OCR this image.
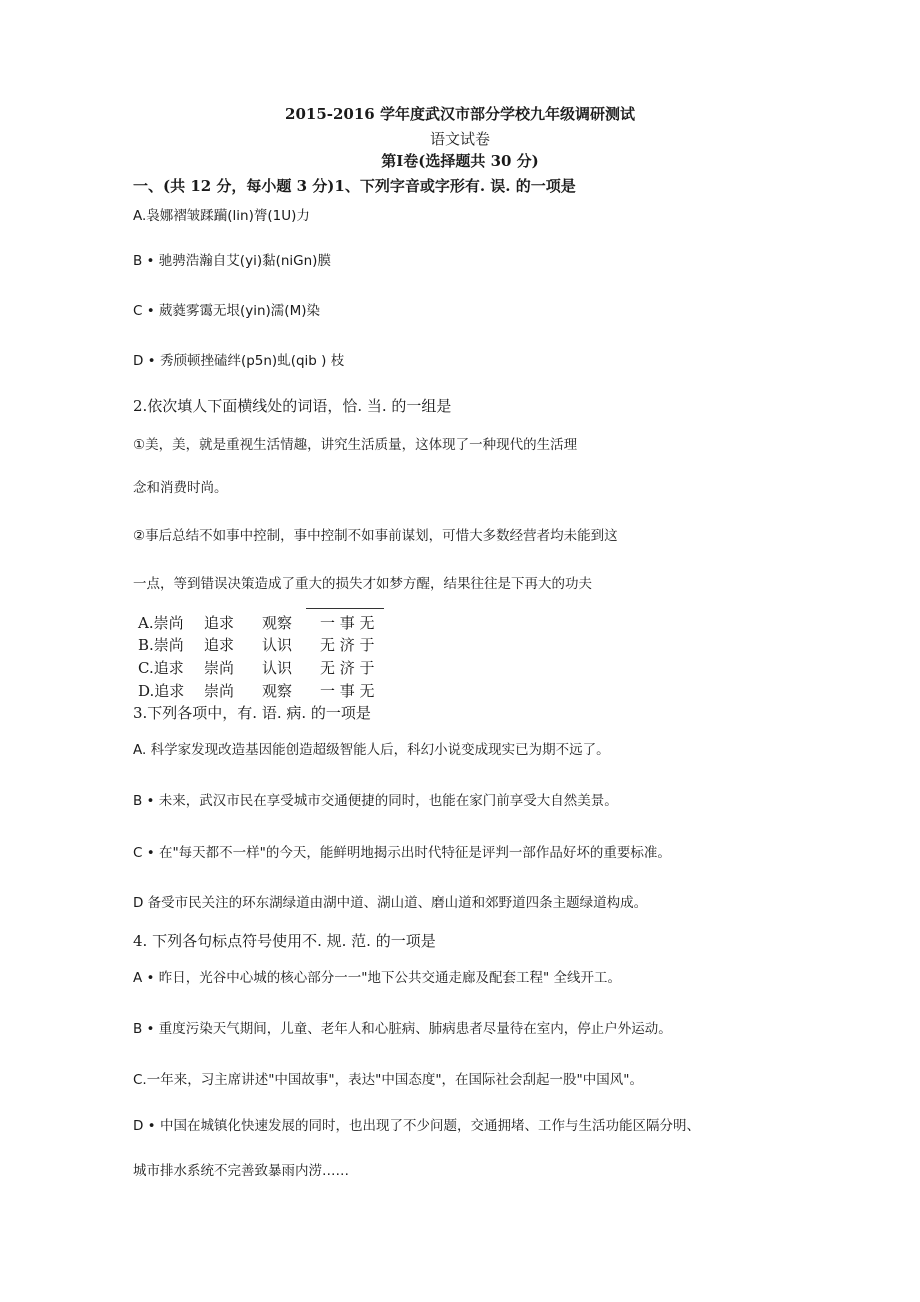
2015-2016 学年度武汉市部分学校九年级调研测试
语文试卷
第Ⅰ卷(选择题共 30 分)
一、(共 12 分，每小题 3 分)1、下列字音或字形有. 误. 的一项是
A.袅娜褶皱蹂躏(lin)膂(1U)力
B • 驰骋浩瀚自艾(yi)黏(niGn)膜
C • 葳蕤雾霭无垠(yin)濡(M)染
D • 秀颀顿挫磕绊(p5n)虬(qib ) 枝
2.依次填人下面横线处的词语，恰. 当. 的一组是
①美，美，就是重视生活情趣，讲究生活质量，这体现了一种现代的生活理
念和消费时尚。
②事后总结不如事中控制，事中控制不如事前谋划，可惜大多数经营者均未能到这
一点，等到错误决策造成了重大的损失才如梦方醒，结果往往是下再大的功夫
A.崇尚 追求 观察 一 事 无
B.崇尚 追求 认识 无 济 于
C.追求 崇尚 认识 无 济 于
D.追求 崇尚 观察 一 事 无
3.下列各项中，有. 语. 病. 的一项是
A. 科学家发现改造基因能创造超级智能人后，科幻小说变成现实已为期不远了。
B • 未来，武汉市民在享受城市交通便捷的同时，也能在家门前享受大自然美景。
C • 在"每天都不一样"的今天，能鲜明地揭示出时代特征是评判一部作品好坏的重要标准。
D 备受市民关注的环东湖绿道由湖中道、湖山道、磨山道和郊野道四条主题绿道构成。
4. 下列各句标点符号使用不. 规. 范. 的一项是
A • 昨日，光谷中心城的核心部分一一"地下公共交通走廊及配套工程" 全线开工。
B • 重度污染天气期间，儿童、老年人和心脏病、肺病患者尽量待在室内，停止户外运动。
C.一年来，习主席讲述"中国故事"，表达"中国态度"，在国际社会刮起一股"中国风"。
D • 中国在城镇化快速发展的同时，也出现了不少问题，交通拥堵、工作与生活功能区隔分明、
城市排水系统不完善致暴雨内涝……
